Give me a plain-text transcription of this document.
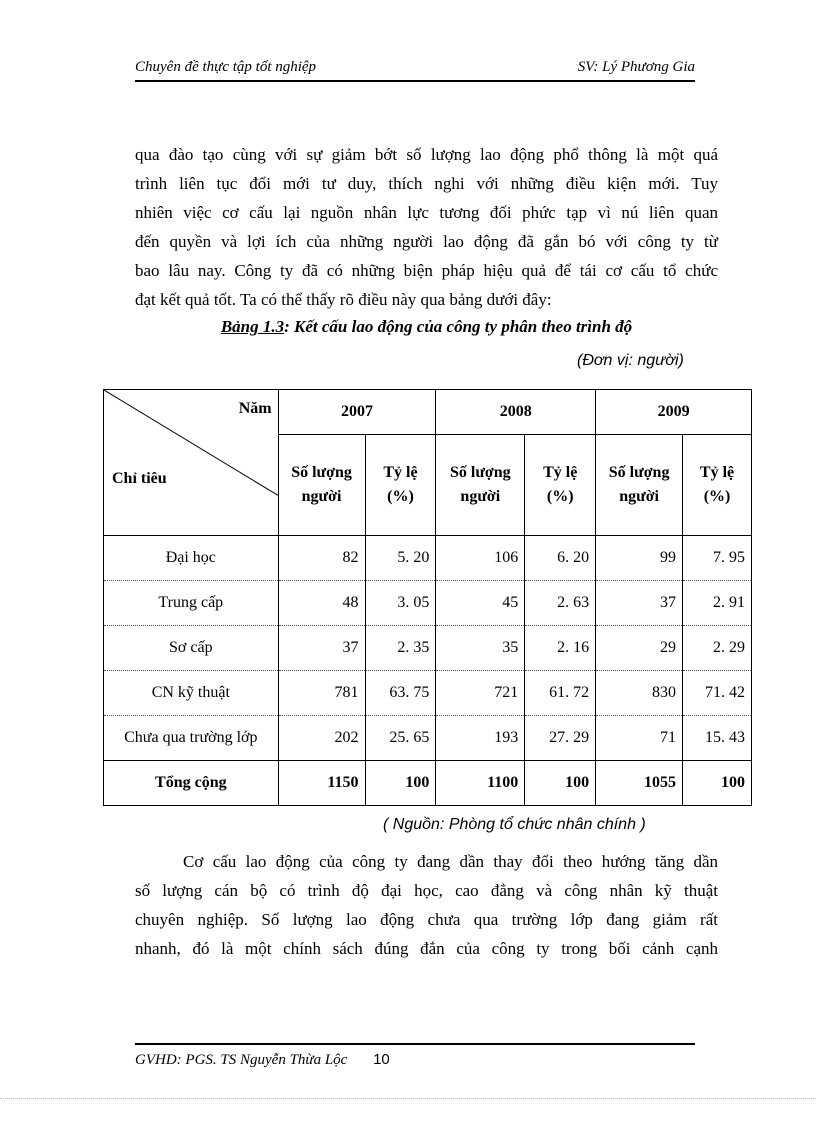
Chuyên đề thực tập tốt nghiệp	SV: Lý Phương Gia
qua đào tạo cùng với sự giảm bớt số lượng lao động phổ thông là một quá
trình liên tục đổi mới tư duy, thích nghi với những điều kiện mới. Tuy
nhiên việc cơ cấu lại nguồn nhân lực tương đối phức tạp vì nú liên quan
đến quyền và lợi ích của những người lao động đã gắn bó với công ty từ
bao lâu nay. Công ty đã có những biện pháp hiệu quả để tái cơ cấu tổ chức
đạt kết quả tốt. Ta có thể thấy rõ điều này qua bảng dưới đây:
Bảng 1.3: Kết cấu lao động của công ty phân theo trình độ
(Đơn vị: người)
Năm
Chỉ tiêu	2007		2008		2009	
	Số lượng người	Tỷ lệ (%)	Số lượng người	Tỷ lệ (%)	Số lượng người	Tỷ lệ (%)
Đại học	82	5. 20	106	6. 20	99	7. 95
Trung cấp	48	3. 05	45	2. 63	37	2. 91
Sơ cấp	37	2. 35	35	2. 16	29	2. 29
CN kỹ thuật	781	63. 75	721	61. 72	830	71. 42
Chưa qua trường lớp	202	25. 65	193	27. 29	71	15. 43
Tổng cộng	1150	100	1100	100	1055	100
( Nguồn: Phòng tổ chức nhân chính )
Cơ cấu lao động của công ty đang dần thay đổi theo hướng tăng dần
số lượng cán bộ có trình độ đại học, cao đẳng và công nhân kỹ thuật
chuyên nghiệp. Số lượng lao động chưa qua trường lớp đang giảm rất
nhanh, đó là một chính sách đúng đắn của công ty trong bối cảnh cạnh
GVHD: PGS. TS Nguyễn Thừa Lộc 10
